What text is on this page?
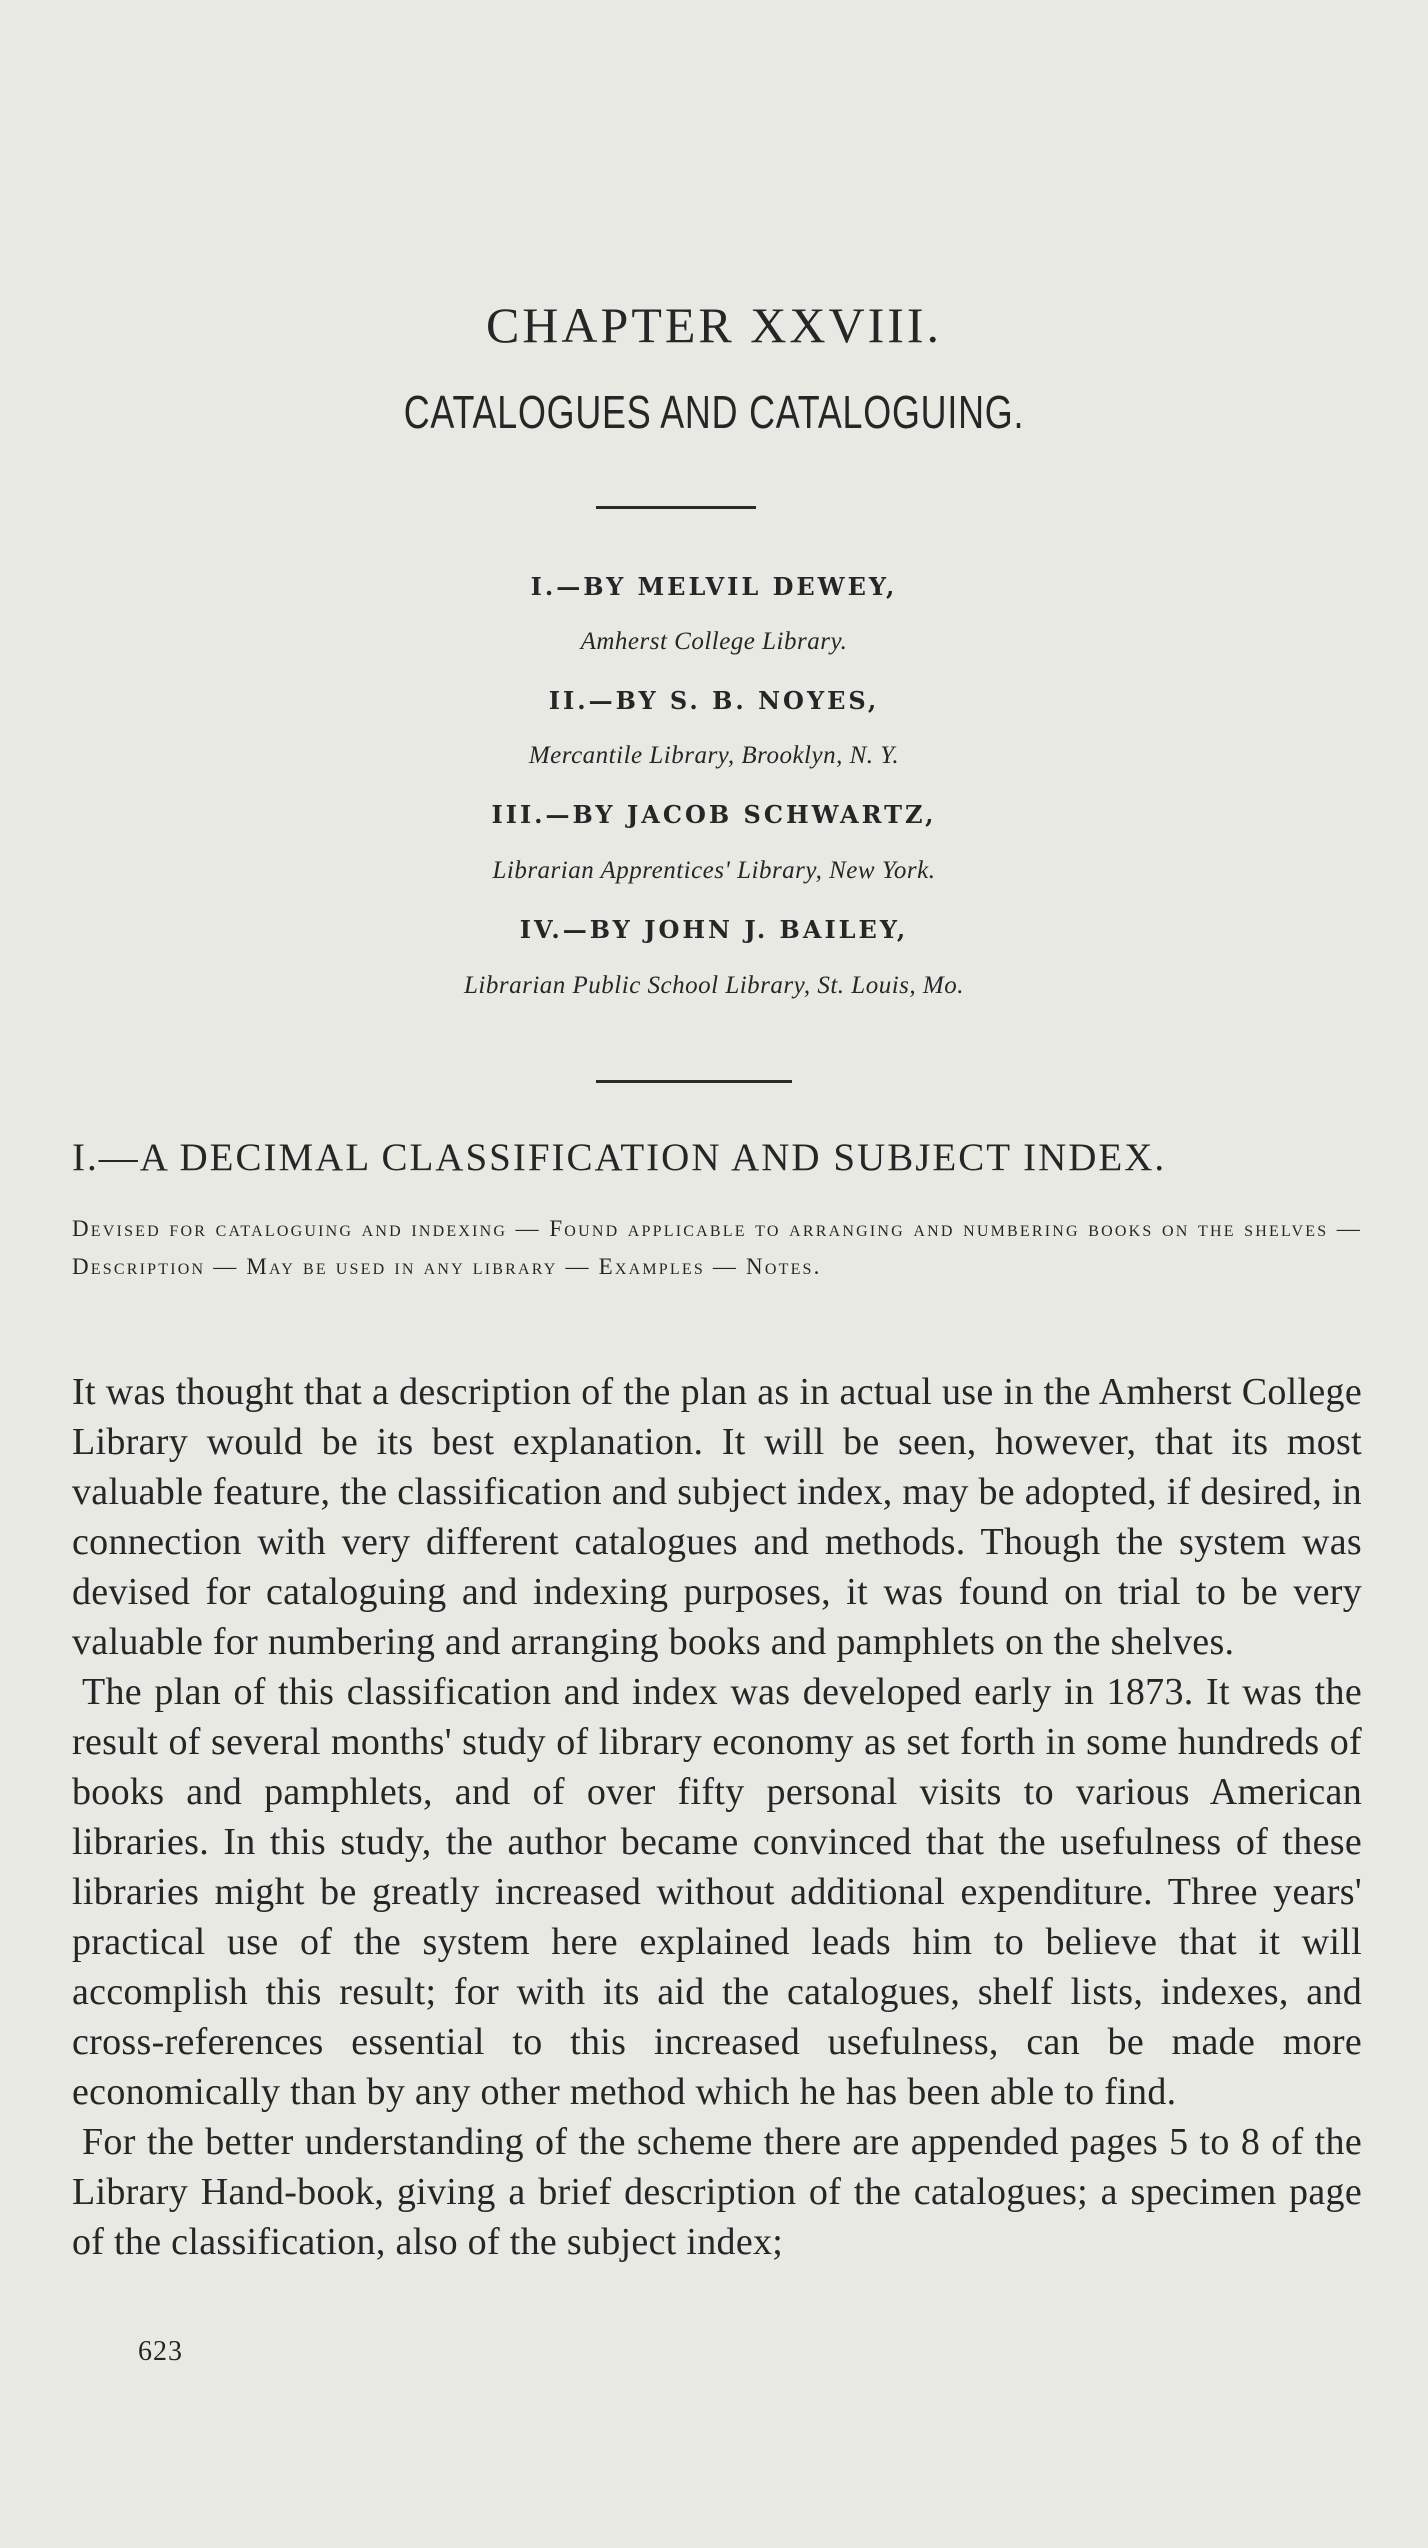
CHAPTER XXVIII.
CATALOGUES AND CATALOGUING.
I.—BY MELVIL DEWEY,
Amherst College Library.
II.—BY S. B. NOYES,
Mercantile Library, Brooklyn, N. Y.
III.—BY JACOB SCHWARTZ,
Librarian Apprentices' Library, New York.
IV.—BY JOHN J. BAILEY,
Librarian Public School Library, St. Louis, Mo.
I.—A DECIMAL CLASSIFICATION AND SUBJECT INDEX.
Devised for cataloguing and indexing — Found applicable to arranging and numbering books on the shelves — Description — May be used in any library — Examples — Notes.

It was thought that a description of the plan as in actual use in the Amherst College Library would be its best explanation. It will be seen, however, that its most valuable feature, the classification and subject index, may be adopted, if desired, in connection with very different catalogues and methods. Though the system was devised for cataloguing and indexing purposes, it was found on trial to be very valuable for numbering and arranging books and pamphlets on the shelves.

The plan of this classification and index was developed early in 1873. It was the result of several months' study of library economy as set forth in some hundreds of books and pamphlets, and of over fifty personal visits to various American libraries. In this study, the author became convinced that the usefulness of these libraries might be greatly increased without additional expenditure. Three years' practical use of the system here explained leads him to believe that it will accomplish this result; for with its aid the catalogues, shelf lists, indexes, and cross-references essential to this increased usefulness, can be made more economically than by any other method which he has been able to find.

For the better understanding of the scheme there are appended pages 5 to 8 of the Library Hand-book, giving a brief description of the catalogues; a specimen page of the classification, also of the subject index;

623
